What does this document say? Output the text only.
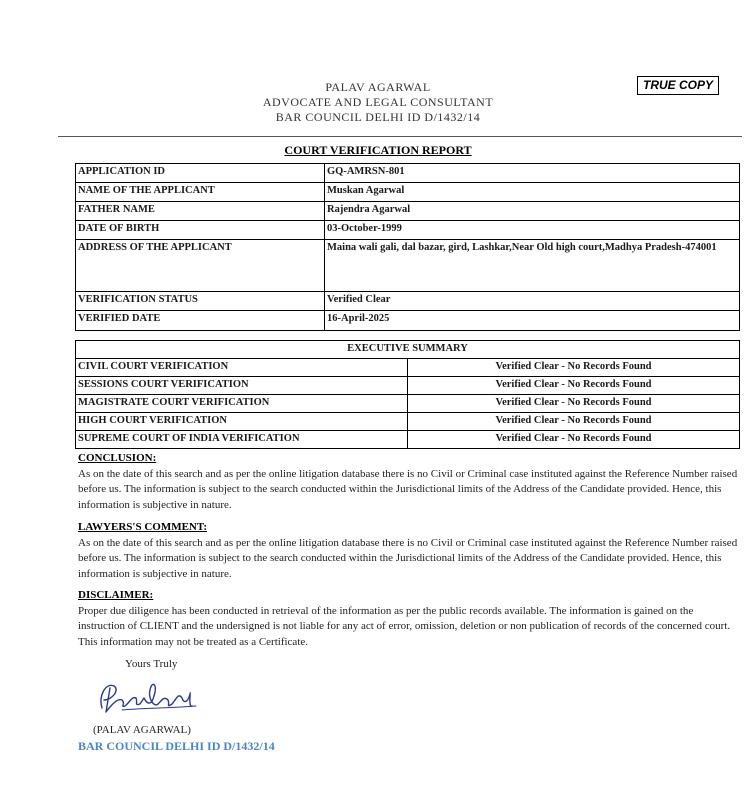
PALAV AGARWAL
ADVOCATE AND LEGAL CONSULTANT
BAR COUNCIL DELHI ID D/1432/14
TRUE COPY
COURT VERIFICATION REPORT
APPLICATION ID	GQ-AMRSN-801
NAME OF THE APPLICANT	Muskan Agarwal
FATHER NAME	Rajendra Agarwal
DATE OF BIRTH	03-October-1999
ADDRESS OF THE APPLICANT	Maina wali gali, dal bazar, gird, Lashkar,Near Old high court,Madhya Pradesh-474001
VERIFICATION STATUS	Verified Clear
VERIFIED DATE	16-April-2025
EXECUTIVE SUMMARY	
CIVIL COURT VERIFICATION	Verified Clear - No Records Found
SESSIONS COURT VERIFICATION	Verified Clear - No Records Found
MAGISTRATE COURT VERIFICATION	Verified Clear - No Records Found
HIGH COURT VERIFICATION	Verified Clear - No Records Found
SUPREME COURT OF INDIA VERIFICATION	Verified Clear - No Records Found
CONCLUSION:

As on the date of this search and as per the online litigation database there is no Civil or Criminal case instituted against the Reference Number raised before us. The information is subject to the search conducted within the Jurisdictional limits of the Address of the Candidate provided. Hence, this information is subjective in nature.

LAWYERS'S COMMENT:

As on the date of this search and as per the online litigation database there is no Civil or Criminal case instituted against the Reference Number raised before us. The information is subject to the search conducted within the Jurisdictional limits of the Address of the Candidate provided. Hence, this information is subjective in nature.

DISCLAIMER:

Proper due diligence has been conducted in retrieval of the information as per the public records available. The information is gained on the instruction of CLIENT and the undersigned is not liable for any act of error, omission, deletion or non publication of records of the concerned court. This information may not be treated as a Certificate.

Yours Truly
(PALAV AGARWAL)
BAR COUNCIL DELHI ID D/1432/14
